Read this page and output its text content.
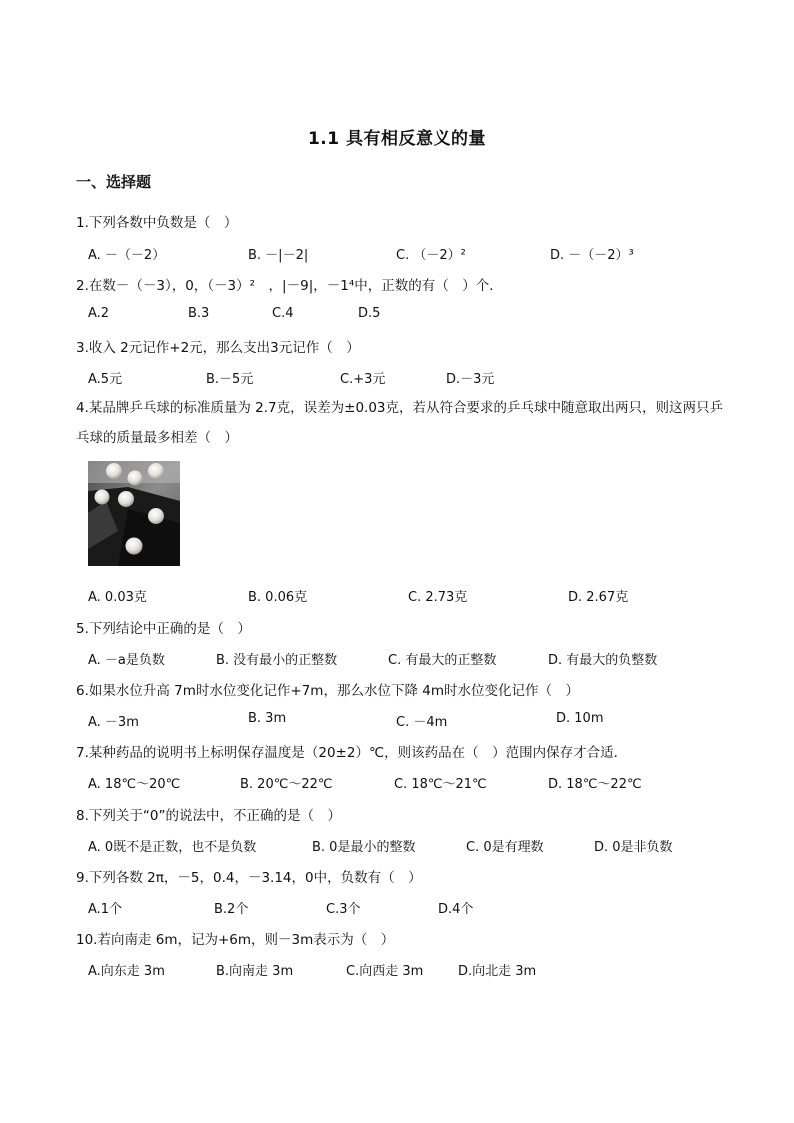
1.1 具有相反意义的量
一、选择题
1.下列各数中负数是（　）
A. －（－2）	B. －|－2|	C. （－2）²	D. －（－2）³
2.在数－（－3），0，（－3）²　，|－9|，－1⁴中，正数的有（　）个．
A.2	B.3	C.4	D.5
3.收入 2元记作+2元，那么支出3元记作（　）
A.5元	B.－5元	C.+3元	D.－3元
4.某品牌乒乓球的标准质量为 2.7克，误差为±0.03克，若从符合要求的乒乓球中随意取出两只，则这两只乒乓球的质量最多相差（　）
A. 0.03克	B. 0.06克	C. 2.73克	D. 2.67克
5.下列结论中正确的是（　）
A. －a是负数	B. 没有最小的正整数	C. 有最大的正整数	D. 有最大的负整数
6.如果水位升高 7m时水位变化记作+7m，那么水位下降 4m时水位变化记作（　）
A. －3m	B. 3m	C. －4m	D. 10m
7.某种药品的说明书上标明保存温度是（20±2）℃，则该药品在（　）范围内保存才合适．
A. 18℃～20℃	B. 20℃～22℃	C. 18℃～21℃	D. 18℃～22℃
8.下列关于“0”的说法中，不正确的是（　）
A. 0既不是正数，也不是负数	B. 0是最小的整数	C. 0是有理数	D. 0是非负数
9.下列各数 2π，－5，0.4，－3.14，0中，负数有（　）
A.1个	B.2个	C.3个	D.4个
10.若向南走 6m，记为+6m，则－3m表示为（　）
A.向东走 3m	B.向南走 3m	C.向西走 3m	D.向北走 3m
